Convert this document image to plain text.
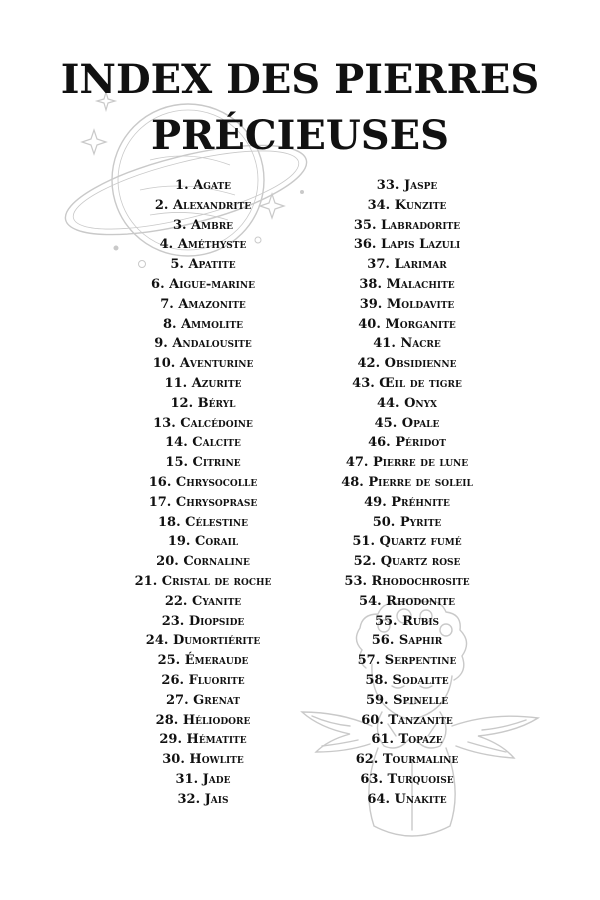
INDEX DES PIERRES
PRÉCIEUSES
1. Agate
2. Alexandrite
3. Ambre
4. Améthyste
5. Apatite
6. Aigue-marine
7. Amazonite
8. Ammolite
9. Andalousite
10. Aventurine
11. Azurite
12. Béryl
13. Calcédoine
14. Calcite
15. Citrine
16. Chrysocolle
17. Chrysoprase
18. Célestine
19. Corail
20. Cornaline
21. Cristal de roche
22. Cyanite
23. Diopside
24. Dumortiérite
25. Émeraude
26. Fluorite
27. Grenat
28. Héliodore
29. Hématite
30. Howlite
31. Jade
32. Jais
33. Jaspe
34. Kunzite
35. Labradorite
36. Lapis Lazuli
37. Larimar
38. Malachite
39. Moldavite
40. Morganite
41. Nacre
42. Obsidienne
43. Œil de tigre
44. Onyx
45. Opale
46. Péridot
47. Pierre de lune
48. Pierre de soleil
49. Préhnite
50. Pyrite
51. Quartz fumé
52. Quartz rose
53. Rhodochrosite
54. Rhodonite
55. Rubis
56. Saphir
57. Serpentine
58. Sodalite
59. Spinelle
60. Tanzanite
61. Topaze
62. Tourmaline
63. Turquoise
64. Unakite
